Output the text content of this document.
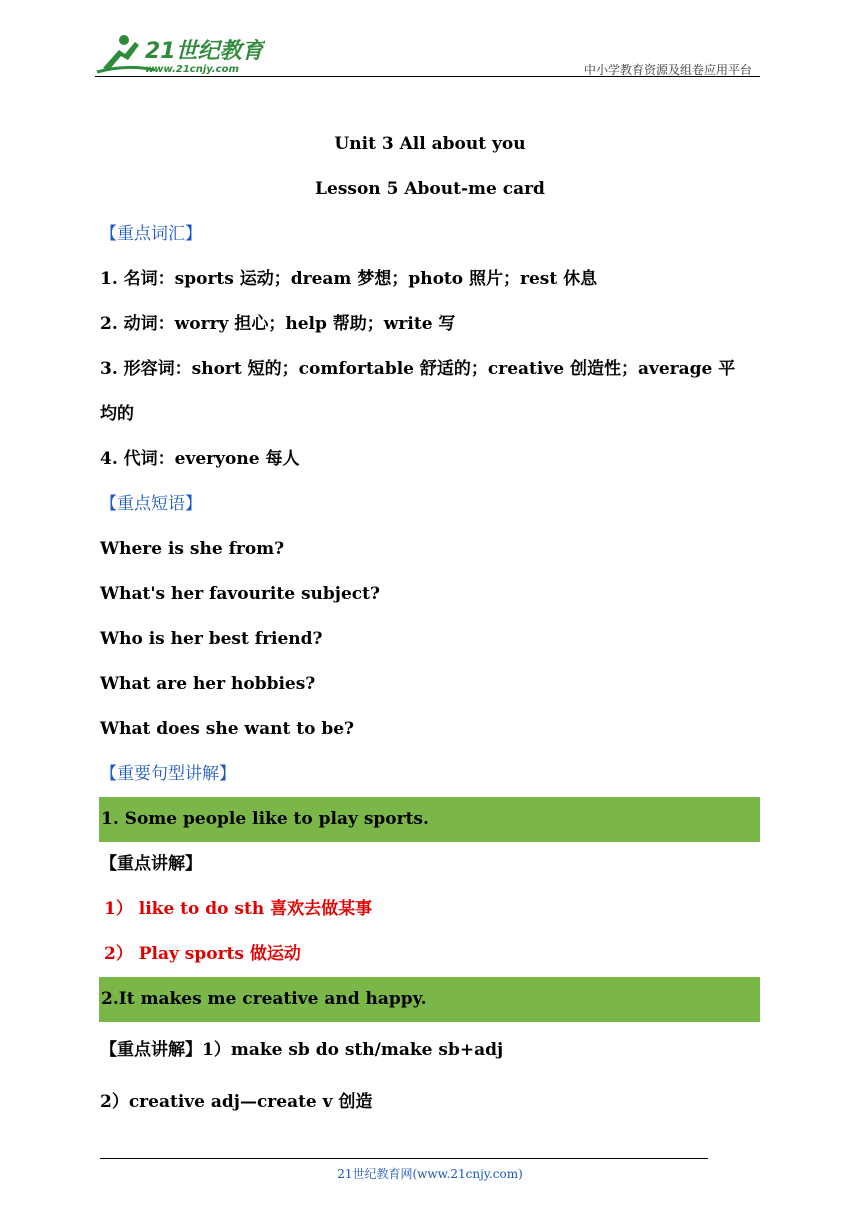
21世纪教育
www.21cnjy.com	中小学教育资源及组卷应用平台
Unit 3 All about you
Lesson 5 About-me card
【重点词汇】
1. 名词：sports 运动；dream 梦想；photo 照片；rest 休息
2. 动词：worry 担心；help 帮助；write 写
3. 形容词：short 短的；comfortable 舒适的；creative 创造性；average 平
均的
4. 代词：everyone 每人
【重点短语】
Where is she from?
What's her favourite subject?
Who is her best friend?
What are her hobbies?
What does she want to be?
【重要句型讲解】
1. Some people like to play sports.
【重点讲解】
1） like to do sth 喜欢去做某事
2） Play sports 做运动
2.It makes me creative and happy.
【重点讲解】1）make sb do sth/make sb+adj
2）creative adj—create v 创造
21世纪教育网(www.21cnjy.com)
